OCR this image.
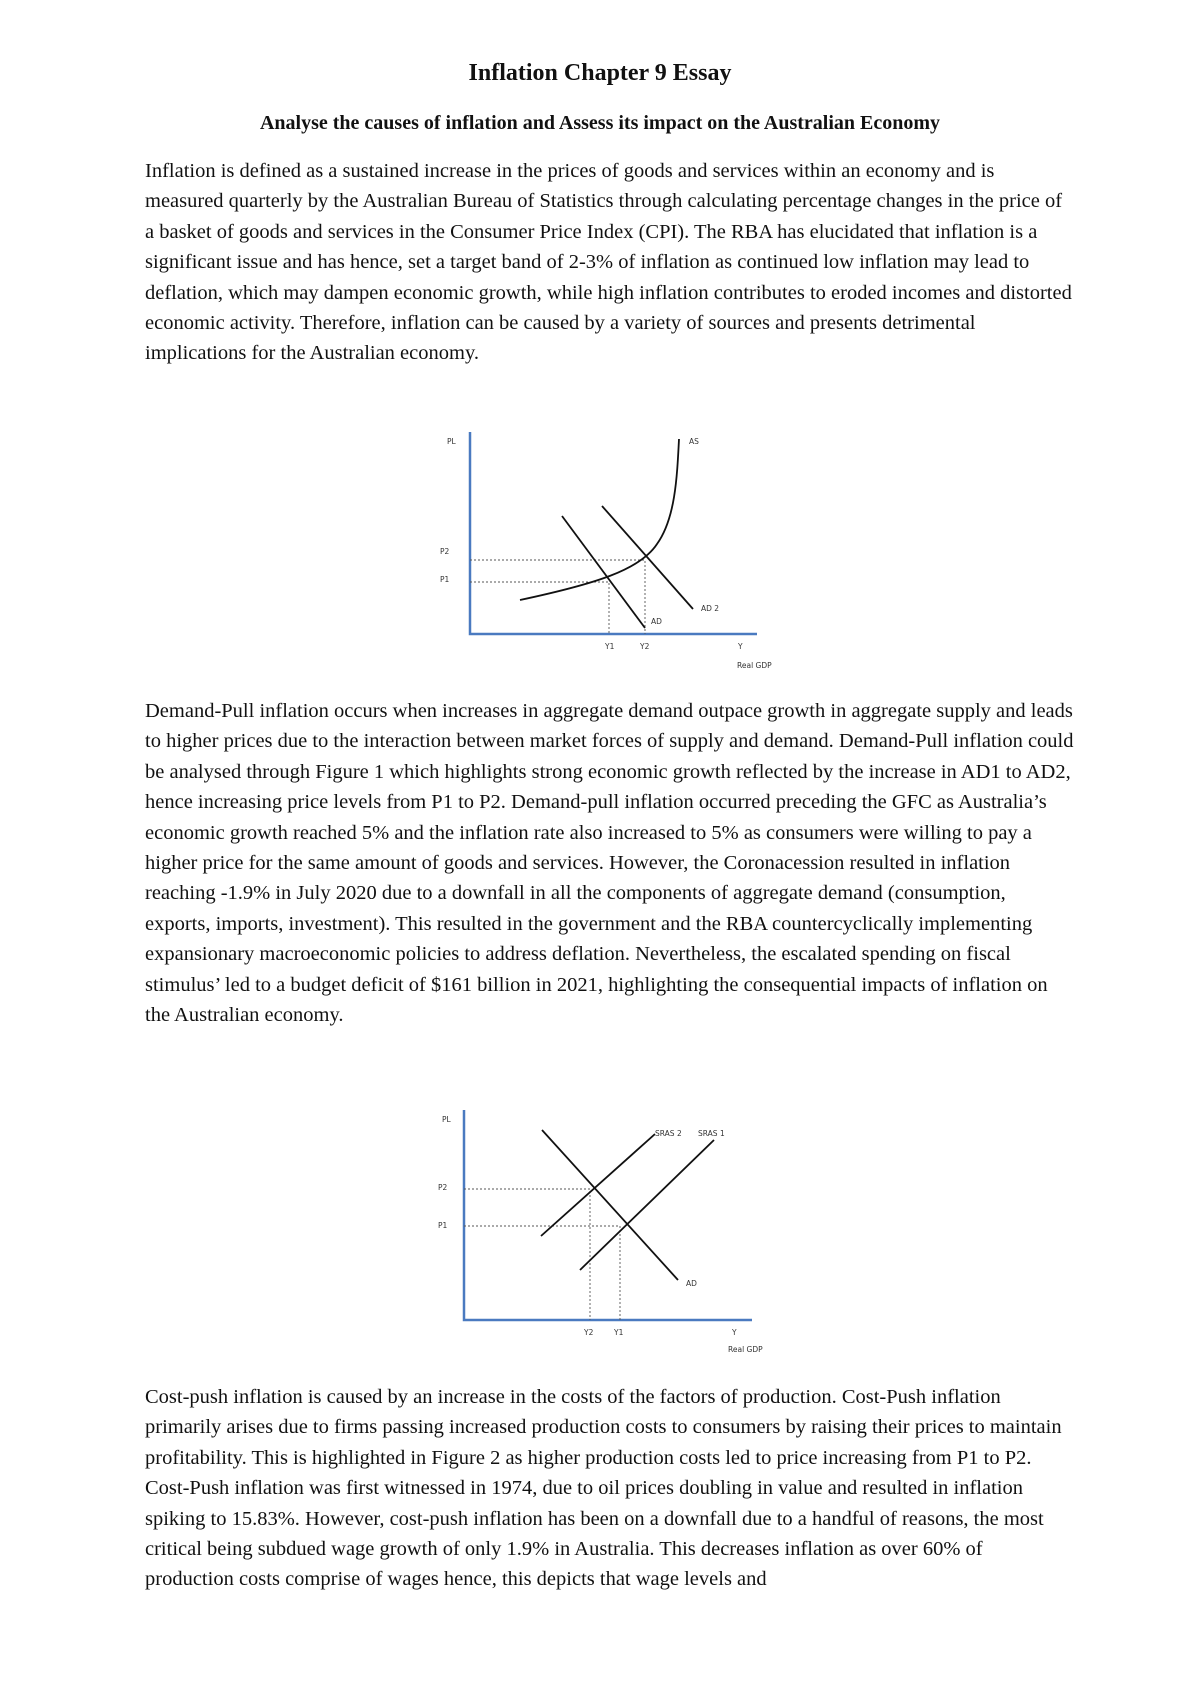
Inflation Chapter 9 Essay
Analyse the causes of inflation and Assess its impact on the Australian Economy

Inflation is defined as a sustained increase in the prices of goods and services within an economy and is measured quarterly by the Australian Bureau of Statistics through calculating percentage changes in the price of a basket of goods and services in the Consumer Price Index (CPI). The RBA has elucidated that inflation is a significant issue and has hence, set a target band of 2-3% of inflation as continued low inflation may lead to deflation, which may dampen economic growth, while high inflation contributes to eroded incomes and distorted economic activity. Therefore, inflation can be caused by a variety of sources and presents detrimental implications for the Australian economy.

PL	AS
P2
P1
AD 2
AD
Y1	Y2	Y
Real GDP

Demand-Pull inflation occurs when increases in aggregate demand outpace growth in aggregate supply and leads to higher prices due to the interaction between market forces of supply and demand. Demand-Pull inflation could be analysed through Figure 1 which highlights strong economic growth reflected by the increase in AD1 to AD2, hence increasing price levels from P1 to P2. Demand-pull inflation occurred preceding the GFC as Australia’s economic growth reached 5% and the inflation rate also increased to 5% as consumers were willing to pay a higher price for the same amount of goods and services. However, the Coronacession resulted in inflation reaching -1.9% in July 2020 due to a downfall in all the components of aggregate demand (consumption, exports, imports, investment). This resulted in the government and the RBA countercyclically implementing expansionary macroeconomic policies to address deflation. Nevertheless, the escalated spending on fiscal stimulus’ led to a budget deficit of $161 billion in 2021, highlighting the consequential impacts of inflation on the Australian economy.

PL
SRAS 2 SRAS 1
P2
P1
AD
Y2	Y1	Y
Real GDP

Cost-push inflation is caused by an increase in the costs of the factors of production. Cost-Push inflation primarily arises due to firms passing increased production costs to consumers by raising their prices to maintain profitability. This is highlighted in Figure 2 as higher production costs led to price increasing from P1 to P2. Cost-Push inflation was first witnessed in 1974, due to oil prices doubling in value and resulted in inflation spiking to 15.83%. However, cost-push inflation has been on a downfall due to a handful of reasons, the most critical being subdued wage growth of only 1.9% in Australia. This decreases inflation as over 60% of production costs comprise of wages hence, this depicts that wage levels and
